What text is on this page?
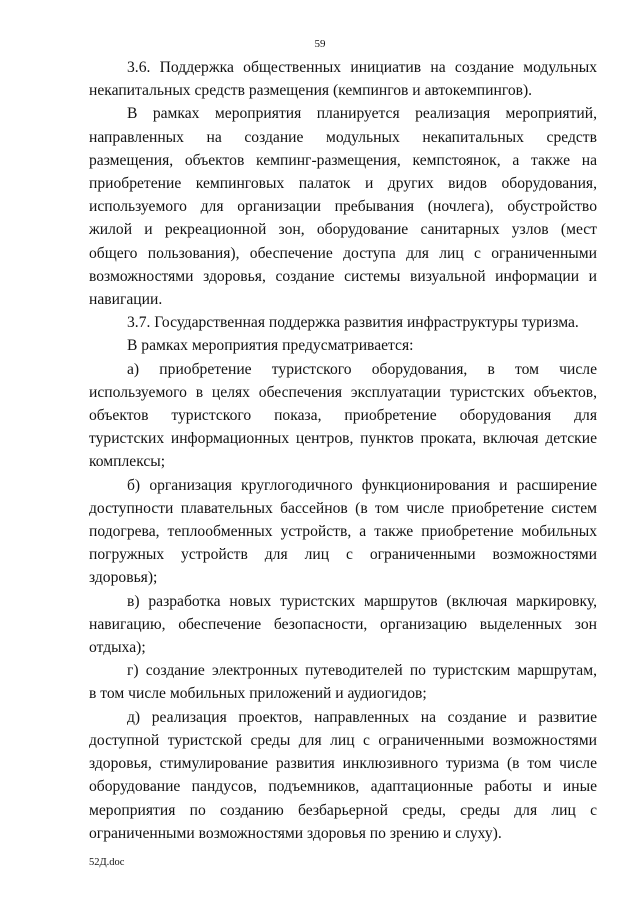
59
3.6. Поддержка общественных инициатив на создание модульных
некапитальных средств размещения (кемпингов и автокемпингов).
В рамках мероприятия планируется реализация мероприятий,
направленных на создание модульных некапитальных средств
размещения, объектов кемпинг-размещения, кемпстоянок, а также на
приобретение кемпинговых палаток и других видов оборудования,
используемого для организации пребывания (ночлега), обустройство
жилой и рекреационной зон, оборудование санитарных узлов (мест
общего пользования), обеспечение доступа для лиц с ограниченными
возможностями здоровья, создание системы визуальной информации и
навигации.
3.7. Государственная поддержка развития инфраструктуры туризма.
В рамках мероприятия предусматривается:
а) приобретение туристского оборудования, в том числе
используемого в целях обеспечения эксплуатации туристских объектов,
объектов туристского показа, приобретение оборудования для
туристских информационных центров, пунктов проката, включая детские
комплексы;
б) организация круглогодичного функционирования и расширение
доступности плавательных бассейнов (в том числе приобретение систем
подогрева, теплообменных устройств, а также приобретение мобильных
погружных устройств для лиц с ограниченными возможностями
здоровья);
в) разработка новых туристских маршрутов (включая маркировку,
навигацию, обеспечение безопасности, организацию выделенных зон
отдыха);
г) создание электронных путеводителей по туристским маршрутам,
в том числе мобильных приложений и аудиогидов;
д) реализация проектов, направленных на создание и развитие
доступной туристской среды для лиц с ограниченными возможностями
здоровья, стимулирование развития инклюзивного туризма (в том числе
оборудование пандусов, подъемников, адаптационные работы и иные
мероприятия по созданию безбарьерной среды, среды для лиц с
ограниченными возможностями здоровья по зрению и слуху).
52Д.doc
